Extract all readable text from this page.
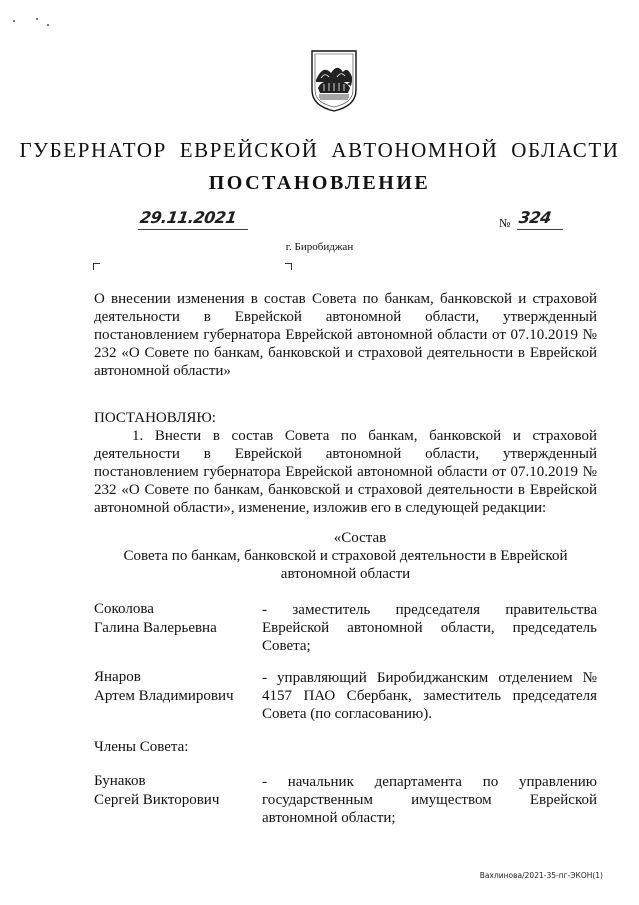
ГУБЕРНАТОР ЕВРЕЙСКОЙ АВТОНОМНОЙ ОБЛАСТИ
ПОСТАНОВЛЕНИЕ
29.11.2021	№ 324
г. Биробиджан
О внесении изменения в состав Совета по банкам, банковской и страховой деятельности в Еврейской автономной области, утвержденный постановлением губернатора Еврейской автономной области от 07.10.2019 № 232 «О Совете по банкам, банковской и страховой деятельности в Еврейской автономной области»
ПОСТАНОВЛЯЮ:
1. Внести в состав Совета по банкам, банковской и страховой деятельности в Еврейской автономной области, утвержденный постановлением губернатора Еврейской автономной области от 07.10.2019 № 232 «О Совете по банкам, банковской и страховой деятельности в Еврейской автономной области», изменение, изложив его в следующей редакции:
«Состав
Совета по банкам, банковской и страховой деятельности в Еврейской
автономной области
Соколова
Галина Валерьевна
- заместитель председателя правительства Еврейской автономной области, председатель Совета;
Янаров
Артем Владимирович
- управляющий Биробиджанским отделением № 4157 ПАО Сбербанк, заместитель председателя Совета (по согласованию).
Члены Совета:
Бунаков
Сергей Викторович
- начальник департамента по управлению государственным имуществом Еврейской автономной области;
Вахлинова/2021-35-пг-ЭКОН(1)
